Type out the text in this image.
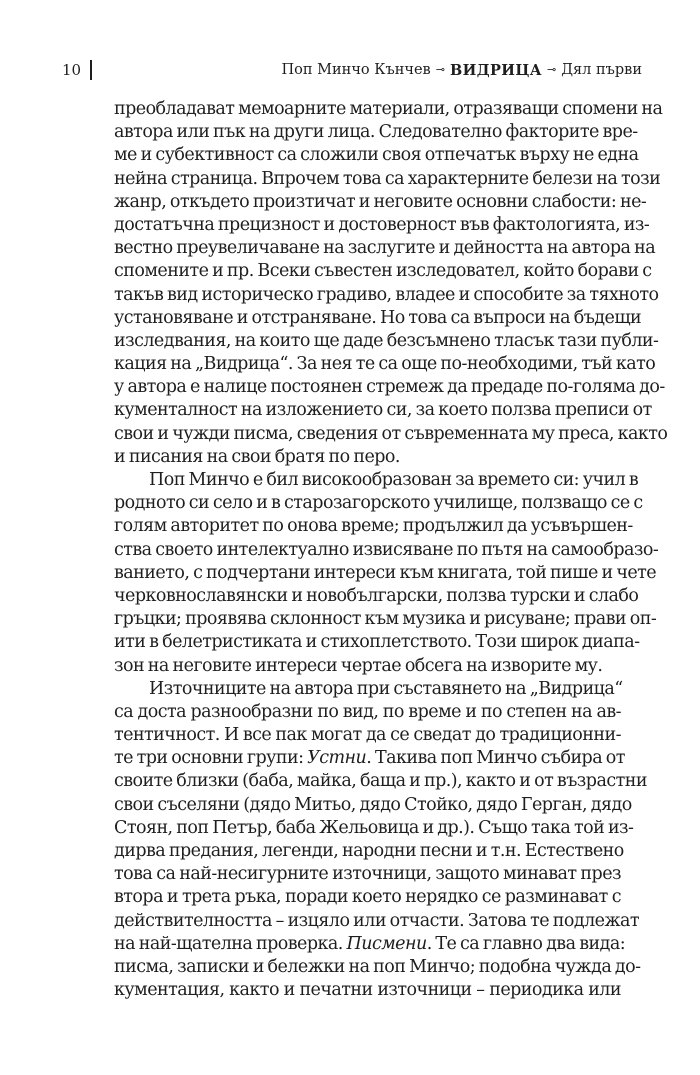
10	Поп Минчо Кънчев ⊸ ВИДРИЦА ⊸ Дял първи
преобладават мемоарните материали, отразяващи спомени на
автора или пък на други лица. Следователно факторите вре-
ме и субективност са сложили своя отпечатък върху не една
нейна страница. Впрочем това са характерните белези на този
жанр, откъдето произтичат и неговите основни слабости: не-
достатъчна прецизност и достоверност във фактологията, из-
вестно преувеличаване на заслугите и дейността на автора на
спомените и пр. Всеки съвестен изследовател, който борави с
такъв вид историческо градиво, владее и способите за тяхното
установяване и отстраняване. Но това са въпроси на бъдещи
изследвания, на които ще даде безсъмнено тласък тази публи-
кация на „Видрица“. За нея те са още по-необходими, тъй като
у автора е налице постоянен стремеж да предаде по-голяма до-
кументалност на изложението си, за което ползва преписи от
свои и чужди писма, сведения от съвременната му преса, както
и писания на свои братя по перо.
Поп Минчо е бил високообразован за времето си: учил в
родното си село и в старозагорското училище, ползващо се с
голям авторитет по онова време; продължил да усъвършен-
ства своето интелектуално извисяване по пътя на самообразо-
ванието, с подчертани интереси към книгата, той пише и чете
черковнославянски и новобългарски, ползва турски и слабо
гръцки; проявява склонност към музика и рисуване; прави оп-
ити в белетристиката и стихоплетството. Този широк диапа-
зон на неговите интереси чертае обсега на изворите му.
Източниците на автора при съставянето на „Видрица“
са доста разнообразни по вид, по време и по степен на ав-
тентичност. И все пак могат да се сведат до традиционни-
те три основни групи: Устни. Такива поп Минчо събира от
своите близки (баба, майка, баща и пр.), както и от възрастни
свои съселяни (дядо Митьо, дядо Стойко, дядо Герган, дядо
Стоян, поп Петър, баба Жельовица и др.). Също така той из-
дирва предания, легенди, народни песни и т.н. Естествено
това са най-несигурните източници, защото минават през
втора и трета ръка, поради което нерядко се разминават с
действителността – изцяло или отчасти. Затова те подлежат
на най-щателна проверка. Писмени. Те са главно два вида:
писма, записки и бележки на поп Минчо; подобна чужда до-
кументация, както и печатни източници – периодика или
